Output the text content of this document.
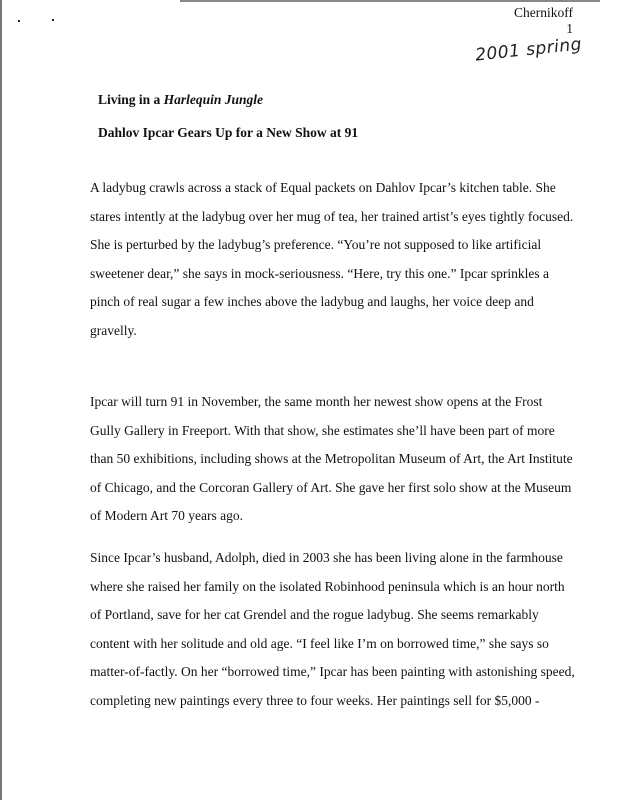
Chernikoff
1
2001 spring
Living in a Harlequin Jungle
Dahlov Ipcar Gears Up for a New Show at 91
A ladybug crawls across a stack of Equal packets on Dahlov Ipcar’s kitchen table. She
stares intently at the ladybug over her mug of tea, her trained artist’s eyes tightly focused.
She is perturbed by the ladybug’s preference. “You’re not supposed to like artificial
sweetener dear,” she says in mock-seriousness. “Here, try this one.” Ipcar sprinkles a
pinch of real sugar a few inches above the ladybug and laughs, her voice deep and
gravelly.
Ipcar will turn 91 in November, the same month her newest show opens at the Frost
Gully Gallery in Freeport. With that show, she estimates she’ll have been part of more
than 50 exhibitions, including shows at the Metropolitan Museum of Art, the Art Institute
of Chicago, and the Corcoran Gallery of Art. She gave her first solo show at the Museum
of Modern Art 70 years ago.
Since Ipcar’s husband, Adolph, died in 2003 she has been living alone in the farmhouse
where she raised her family on the isolated Robinhood peninsula which is an hour north
of Portland, save for her cat Grendel and the rogue ladybug. She seems remarkably
content with her solitude and old age. “I feel like I’m on borrowed time,” she says so
matter-of-factly. On her “borrowed time,” Ipcar has been painting with astonishing speed,
completing new paintings every three to four weeks. Her paintings sell for $5,000 -
